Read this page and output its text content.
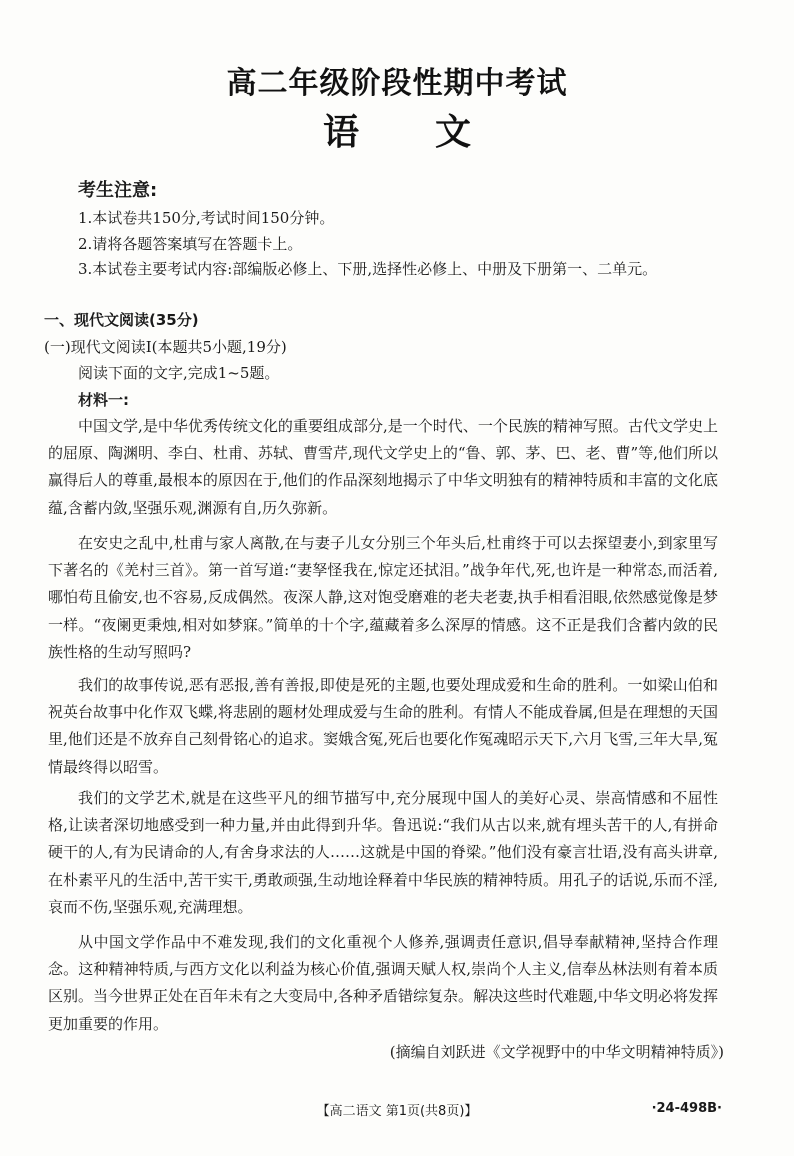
高二年级阶段性期中考试
语文
考生注意:
1.本试卷共150分,考试时间150分钟。
2.请将各题答案填写在答题卡上。
3.本试卷主要考试内容:部编版必修上、下册,选择性必修上、中册及下册第一、二单元。
一、现代文阅读(35分)
(一)现代文阅读Ⅰ(本题共5小题,19分)
阅读下面的文字,完成1~5题。
材料一:

中国文学,是中华优秀传统文化的重要组成部分,是一个时代、一个民族的精神写照。古代文学史上的屈原、陶渊明、李白、杜甫、苏轼、曹雪芹,现代文学史上的“鲁、郭、茅、巴、老、曹”等,他们所以赢得后人的尊重,最根本的原因在于,他们的作品深刻地揭示了中华文明独有的精神特质和丰富的文化底蕴,含蓄内敛,坚强乐观,渊源有自,历久弥新。

在安史之乱中,杜甫与家人离散,在与妻子儿女分别三个年头后,杜甫终于可以去探望妻小,到家里写下著名的《羌村三首》。第一首写道:“妻孥怪我在,惊定还拭泪。”战争年代,死,也许是一种常态,而活着,哪怕苟且偷安,也不容易,反成偶然。夜深人静,这对饱受磨难的老夫老妻,执手相看泪眼,依然感觉像是梦一样。“夜阑更秉烛,相对如梦寐。”简单的十个字,蕴藏着多么深厚的情感。这不正是我们含蓄内敛的民族性格的生动写照吗?

我们的故事传说,恶有恶报,善有善报,即使是死的主题,也要处理成爱和生命的胜利。一如梁山伯和祝英台故事中化作双飞蝶,将悲剧的题材处理成爱与生命的胜利。有情人不能成眷属,但是在理想的天国里,他们还是不放弃自己刻骨铭心的追求。窦娥含冤,死后也要化作冤魂昭示天下,六月飞雪,三年大旱,冤情最终得以昭雪。

我们的文学艺术,就是在这些平凡的细节描写中,充分展现中国人的美好心灵、崇高情感和不屈性格,让读者深切地感受到一种力量,并由此得到升华。鲁迅说:“我们从古以来,就有埋头苦干的人,有拼命硬干的人,有为民请命的人,有舍身求法的人……这就是中国的脊梁。”他们没有豪言壮语,没有高头讲章,在朴素平凡的生活中,苦干实干,勇敢顽强,生动地诠释着中华民族的精神特质。用孔子的话说,乐而不淫,哀而不伤,坚强乐观,充满理想。

从中国文学作品中不难发现,我们的文化重视个人修养,强调责任意识,倡导奉献精神,坚持合作理念。这种精神特质,与西方文化以利益为核心价值,强调天赋人权,崇尚个人主义,信奉丛林法则有着本质区别。当今世界正处在百年未有之大变局中,各种矛盾错综复杂。解决这些时代难题,中华文明必将发挥更加重要的作用。

(摘编自刘跃进《文学视野中的中华文明精神特质》)
【高二语文 第1页(共8页)】	·24-498B·
